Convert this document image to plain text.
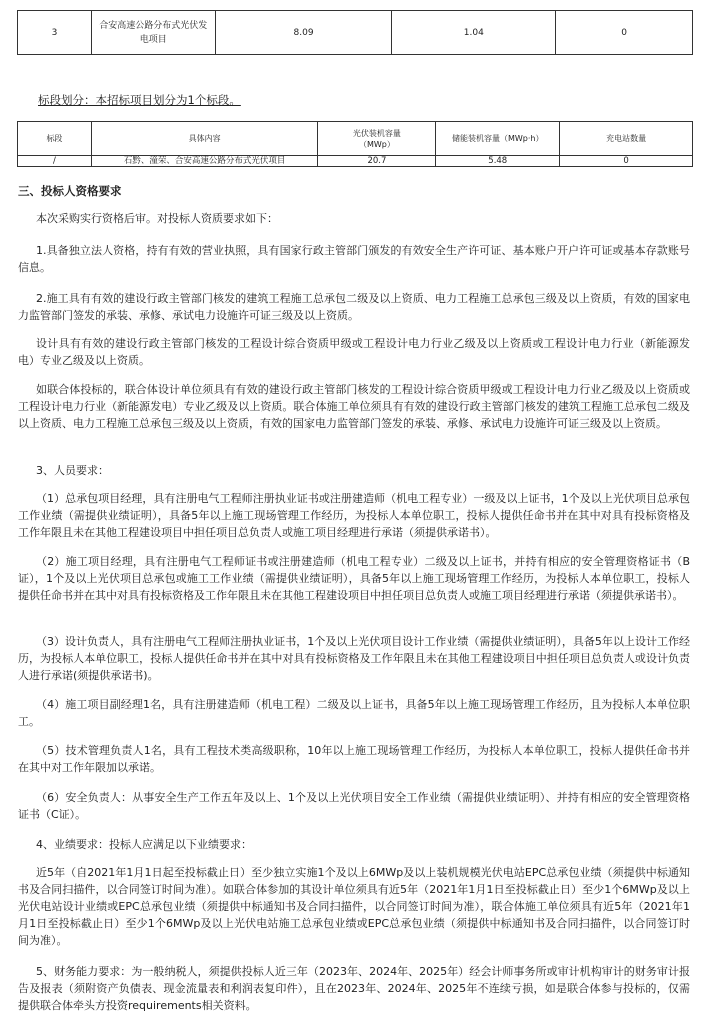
3	合安高速公路分布式光伏发
电项目	8.09	1.04	0
标段划分：本招标项目划分为1个标段。
标段	具体内容	光伏装机容量
（MWp）	储能装机容量（MWp·h）	充电站数量
/	石黔、潼荣、合安高速公路分布式光伏项目	20.7	5.48	0

三、投标人资格要求

本次采购实行资格后审。对投标人资质要求如下：

1.具备独立法人资格，持有有效的营业执照，具有国家行政主管部门颁发的有效安全生产许可证、基本账户开户许可证或基本存款账号信息。

2.施工具有有效的建设行政主管部门核发的建筑工程施工总承包二级及以上资质、电力工程施工总承包三级及以上资质，有效的国家电力监管部门签发的承装、承修、承试电力设施许可证三级及以上资质。

设计具有有效的建设行政主管部门核发的工程设计综合资质甲级或工程设计电力行业乙级及以上资质或工程设计电力行业（新能源发电）专业乙级及以上资质。

如联合体投标的，联合体设计单位须具有有效的建设行政主管部门核发的工程设计综合资质甲级或工程设计电力行业乙级及以上资质或工程设计电力行业（新能源发电）专业乙级及以上资质。联合体施工单位须具有有效的建设行政主管部门核发的建筑工程施工总承包二级及以上资质、电力工程施工总承包三级及以上资质，有效的国家电力监管部门签发的承装、承修、承试电力设施许可证三级及以上资质。

3、人员要求：

（1）总承包项目经理，具有注册电气工程师注册执业证书或注册建造师（机电工程专业）一级及以上证书，1个及以上光伏项目总承包工作业绩（需提供业绩证明），具备5年以上施工现场管理工作经历，为投标人本单位职工，投标人提供任命书并在其中对具有投标资格及工作年限且未在其他工程建设项目中担任项目总负责人或施工项目经理进行承诺（须提供承诺书）。

（2）施工项目经理，具有注册电气工程师证书或注册建造师（机电工程专业）二级及以上证书，并持有相应的安全管理资格证书（B证），1个及以上光伏项目总承包或施工工作业绩（需提供业绩证明），具备5年以上施工现场管理工作经历，为投标人本单位职工，投标人提供任命书并在其中对具有投标资格及工作年限且未在其他工程建设项目中担任项目总负责人或施工项目经理进行承诺（须提供承诺书）。

（3）设计负责人，具有注册电气工程师注册执业证书，1个及以上光伏项目设计工作业绩（需提供业绩证明），具备5年以上设计工作经历，为投标人本单位职工，投标人提供任命书并在其中对具有投标资格及工作年限且未在其他工程建设项目中担任项目总负责人或设计负责人进行承诺(须提供承诺书)。

（4）施工项目副经理1名，具有注册建造师（机电工程）二级及以上证书，具备5年以上施工现场管理工作经历，且为投标人本单位职工。

（5）技术管理负责人1名，具有工程技术类高级职称，10年以上施工现场管理工作经历，为投标人本单位职工，投标人提供任命书并在其中对工作年限加以承诺。

（6）安全负责人：从事安全生产工作五年及以上、1个及以上光伏项目安全工作业绩（需提供业绩证明）、并持有相应的安全管理资格证书（C证）。

4、业绩要求：投标人应满足以下业绩要求：

近5年（自2021年1月1日起至投标截止日）至少独立实施1个及以上6MWp及以上装机规模光伏电站EPC总承包业绩（须提供中标通知书及合同扫描件，以合同签订时间为准）。如联合体参加的其设计单位须具有近5年（2021年1月1日至投标截止日）至少1个6MWp及以上光伏电站设计业绩或EPC总承包业绩（须提供中标通知书及合同扫描件，以合同签订时间为准），联合体施工单位须具有近5年（2021年1月1日至投标截止日）至少1个6MWp及以上光伏电站施工总承包业绩或EPC总承包业绩（须提供中标通知书及合同扫描件，以合同签订时间为准）。

5、财务能力要求：为一般纳税人，须提供投标人近三年（2023年、2024年、2025年）经会计师事务所或审计机构审计的财务审计报告及报表（须附资产负债表、现金流量表和利润表复印件），且在2023年、2024年、2025年不连续亏损，如是联合体参与投标的，仅需提供联合体牵头方投资requirements相关资料。
